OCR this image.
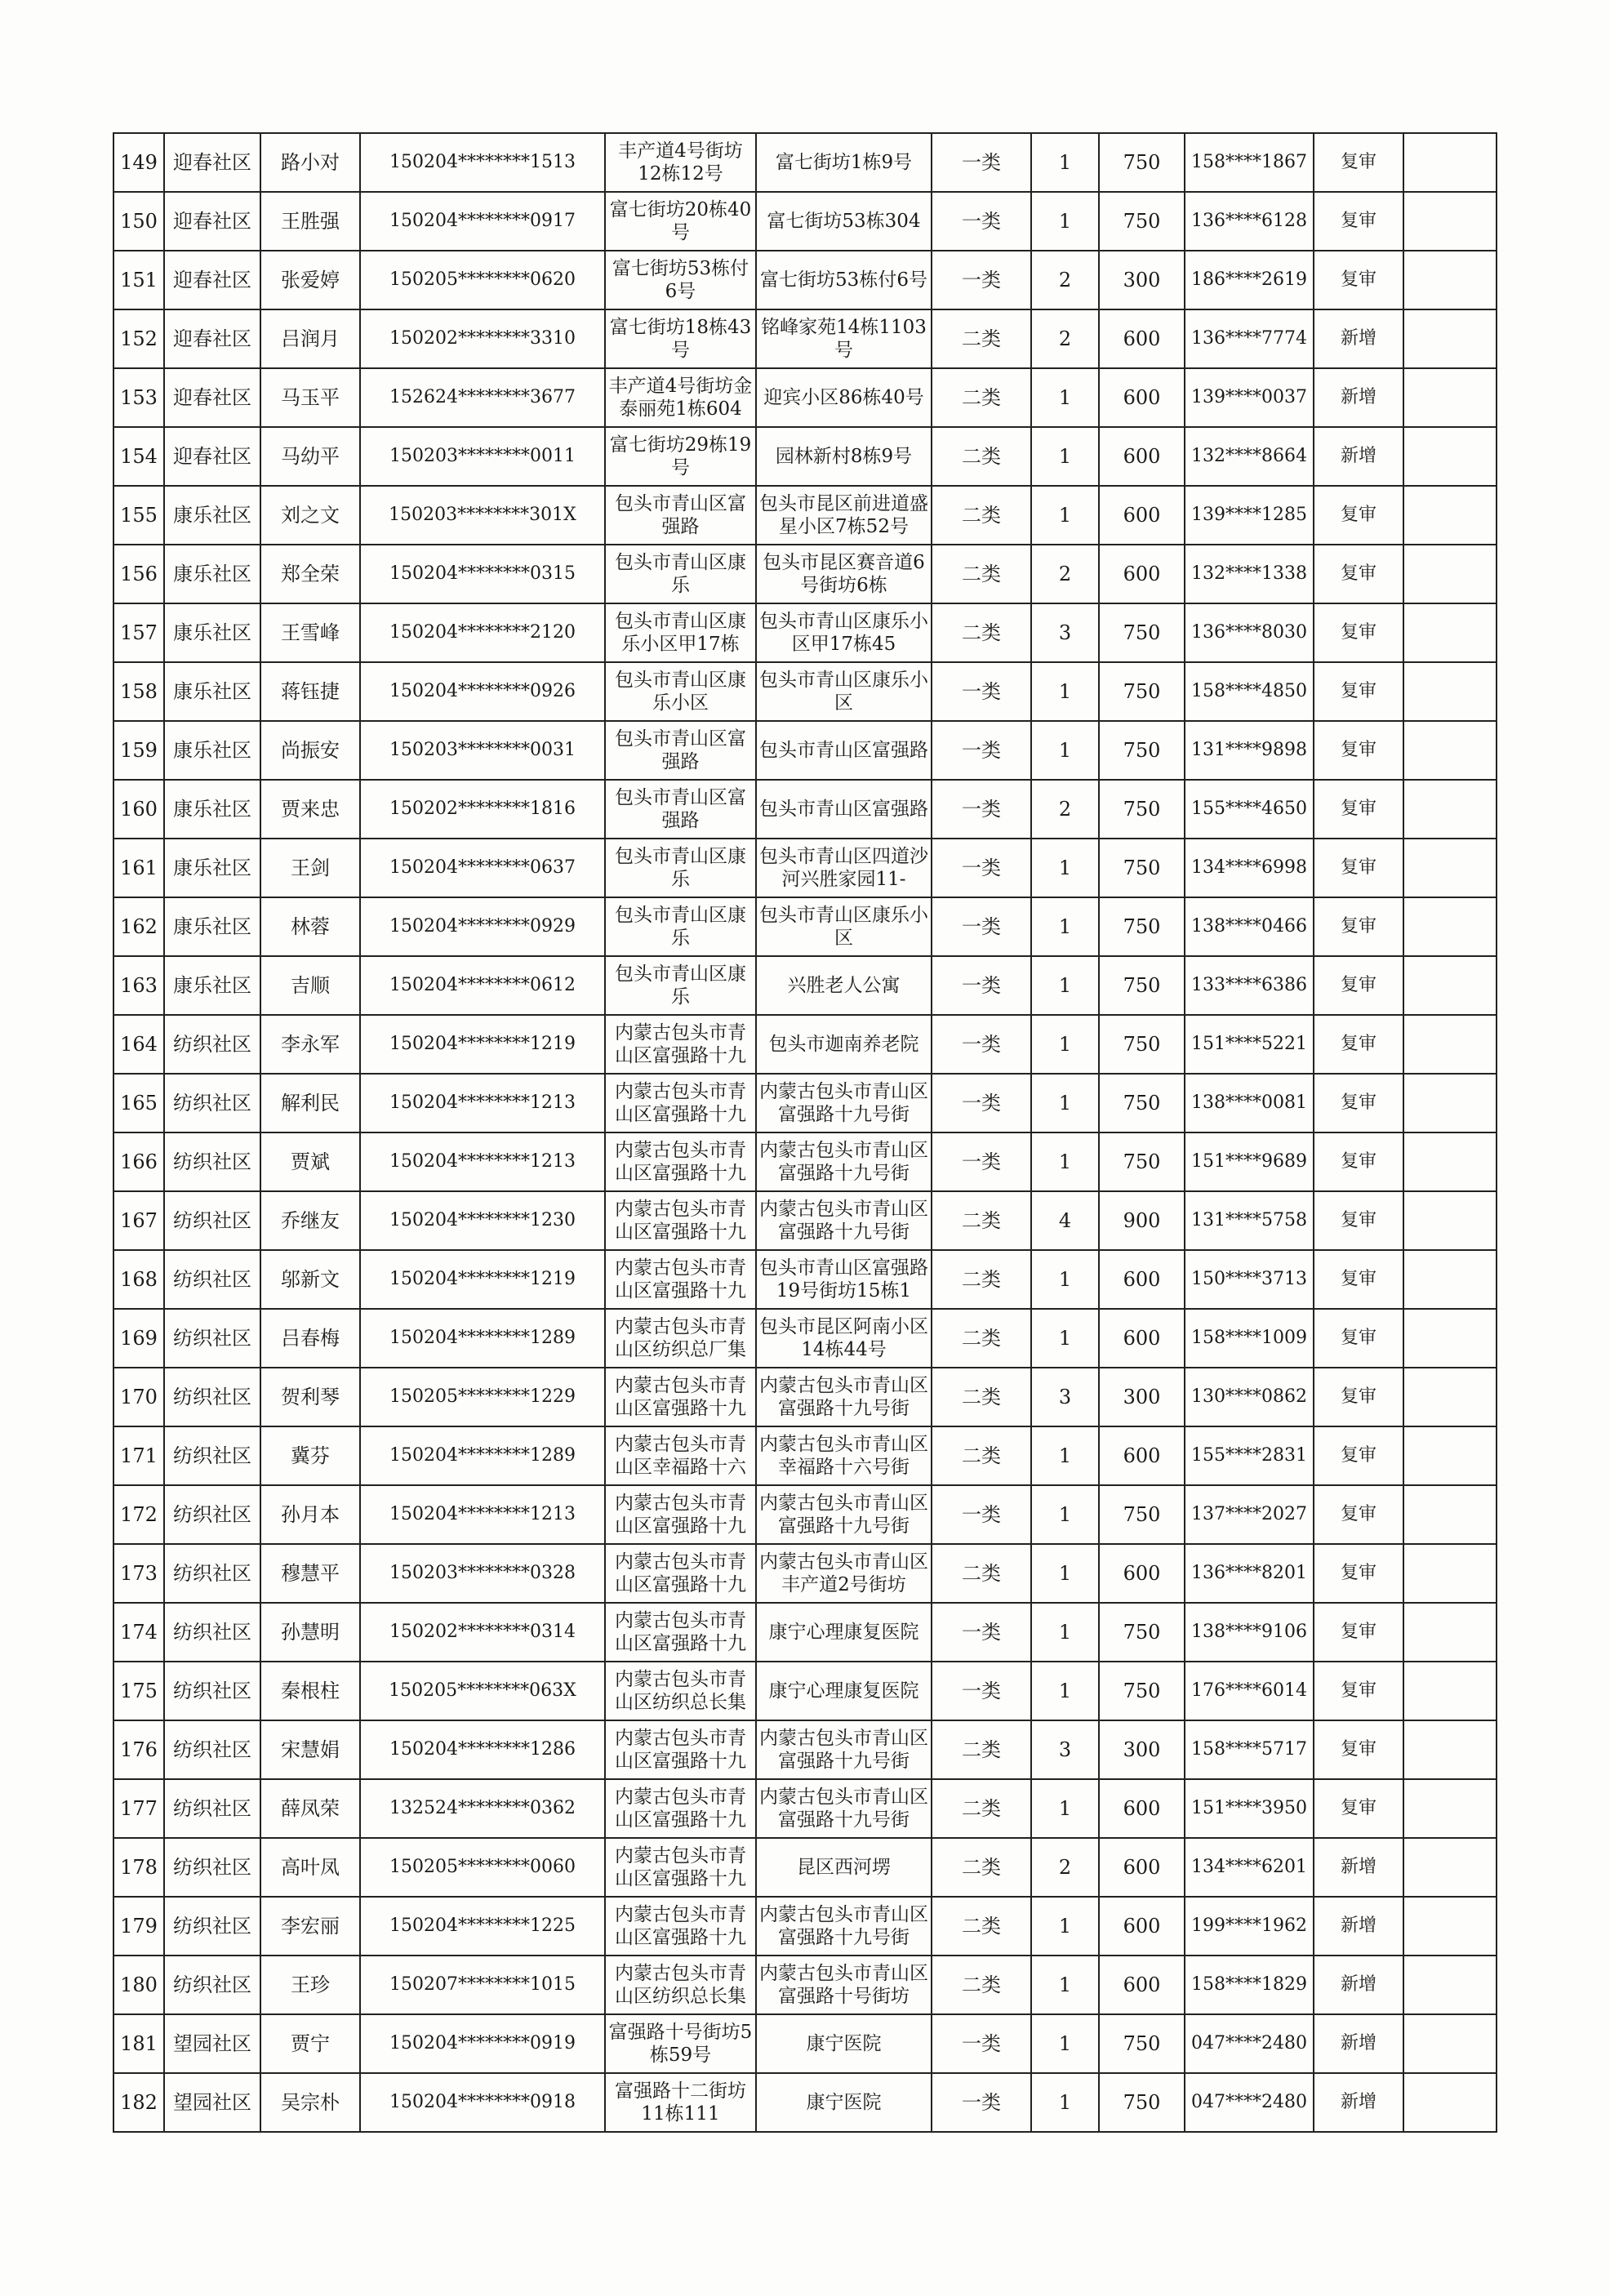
149	迎春社区	路小对	150204********1513	丰产道4号街坊12栋12号	富七街坊1栋9号	一类	1	750	158****1867	复审	
150	迎春社区	王胜强	150204********0917	富七街坊20栋40号	富七街坊53栋304	一类	1	750	136****6128	复审	
151	迎春社区	张爱婷	150205********0620	富七街坊53栋付6号	富七街坊53栋付6号	一类	2	300	186****2619	复审	
152	迎春社区	吕润月	150202********3310	富七街坊18栋43号	铭峰家苑14栋1103号	二类	2	600	136****7774	新增	
153	迎春社区	马玉平	152624********3677	丰产道4号街坊金泰丽苑1栋604	迎宾小区86栋40号	二类	1	600	139****0037	新增	
154	迎春社区	马幼平	150203********0011	富七街坊29栋19号	园林新村8栋9号	二类	1	600	132****8664	新增	
155	康乐社区	刘之文	150203********301X	包头市青山区富强路	包头市昆区前进道盛星小区7栋52号	二类	1	600	139****1285	复审	
156	康乐社区	郑全荣	150204********0315	包头市青山区康乐	包头市昆区赛音道6号街坊6栋	二类	2	600	132****1338	复审	
157	康乐社区	王雪峰	150204********2120	包头市青山区康乐小区甲17栋	包头市青山区康乐小区甲17栋45	二类	3	750	136****8030	复审	
158	康乐社区	蒋钰捷	150204********0926	包头市青山区康乐小区	包头市青山区康乐小区	一类	1	750	158****4850	复审	
159	康乐社区	尚振安	150203********0031	包头市青山区富强路	包头市青山区富强路	一类	1	750	131****9898	复审	
160	康乐社区	贾来忠	150202********1816	包头市青山区富强路	包头市青山区富强路	一类	2	750	155****4650	复审	
161	康乐社区	王剑	150204********0637	包头市青山区康乐	包头市青山区四道沙河兴胜家园11-	一类	1	750	134****6998	复审	
162	康乐社区	林蓉	150204********0929	包头市青山区康乐	包头市青山区康乐小区	一类	1	750	138****0466	复审	
163	康乐社区	吉顺	150204********0612	包头市青山区康乐	兴胜老人公寓	一类	1	750	133****6386	复审	
164	纺织社区	李永军	150204********1219	内蒙古包头市青山区富强路十九	包头市迦南养老院	一类	1	750	151****5221	复审	
165	纺织社区	解利民	150204********1213	内蒙古包头市青山区富强路十九	内蒙古包头市青山区富强路十九号街	一类	1	750	138****0081	复审	
166	纺织社区	贾斌	150204********1213	内蒙古包头市青山区富强路十九	内蒙古包头市青山区富强路十九号街	一类	1	750	151****9689	复审	
167	纺织社区	乔继友	150204********1230	内蒙古包头市青山区富强路十九	内蒙古包头市青山区富强路十九号街	二类	4	900	131****5758	复审	
168	纺织社区	邬新文	150204********1219	内蒙古包头市青山区富强路十九	包头市青山区富强路19号街坊15栋1	二类	1	600	150****3713	复审	
169	纺织社区	吕春梅	150204********1289	内蒙古包头市青山区纺织总厂集	包头市昆区阿南小区14栋44号	二类	1	600	158****1009	复审	
170	纺织社区	贺利琴	150205********1229	内蒙古包头市青山区富强路十九	内蒙古包头市青山区富强路十九号街	二类	3	300	130****0862	复审	
171	纺织社区	冀芬	150204********1289	内蒙古包头市青山区幸福路十六	内蒙古包头市青山区幸福路十六号街	二类	1	600	155****2831	复审	
172	纺织社区	孙月本	150204********1213	内蒙古包头市青山区富强路十九	内蒙古包头市青山区富强路十九号街	一类	1	750	137****2027	复审	
173	纺织社区	穆慧平	150203********0328	内蒙古包头市青山区富强路十九	内蒙古包头市青山区丰产道2号街坊	二类	1	600	136****8201	复审	
174	纺织社区	孙慧明	150202********0314	内蒙古包头市青山区富强路十九	康宁心理康复医院	一类	1	750	138****9106	复审	
175	纺织社区	秦根柱	150205********063X	内蒙古包头市青山区纺织总长集	康宁心理康复医院	一类	1	750	176****6014	复审	
176	纺织社区	宋慧娟	150204********1286	内蒙古包头市青山区富强路十九	内蒙古包头市青山区富强路十九号街	二类	3	300	158****5717	复审	
177	纺织社区	薛凤荣	132524********0362	内蒙古包头市青山区富强路十九	内蒙古包头市青山区富强路十九号街	二类	1	600	151****3950	复审	
178	纺织社区	高叶凤	150205********0060	内蒙古包头市青山区富强路十九	昆区西河塄	二类	2	600	134****6201	新增	
179	纺织社区	李宏丽	150204********1225	内蒙古包头市青山区富强路十九	内蒙古包头市青山区富强路十九号街	二类	1	600	199****1962	新增	
180	纺织社区	王珍	150207********1015	内蒙古包头市青山区纺织总长集	内蒙古包头市青山区富强路十号街坊	二类	1	600	158****1829	新增	
181	望园社区	贾宁	150204********0919	富强路十号街坊5栋59号	康宁医院	一类	1	750	047****2480	新增	
182	望园社区	吴宗朴	150204********0918	富强路十二街坊11栋111	康宁医院	一类	1	750	047****2480	新增	
